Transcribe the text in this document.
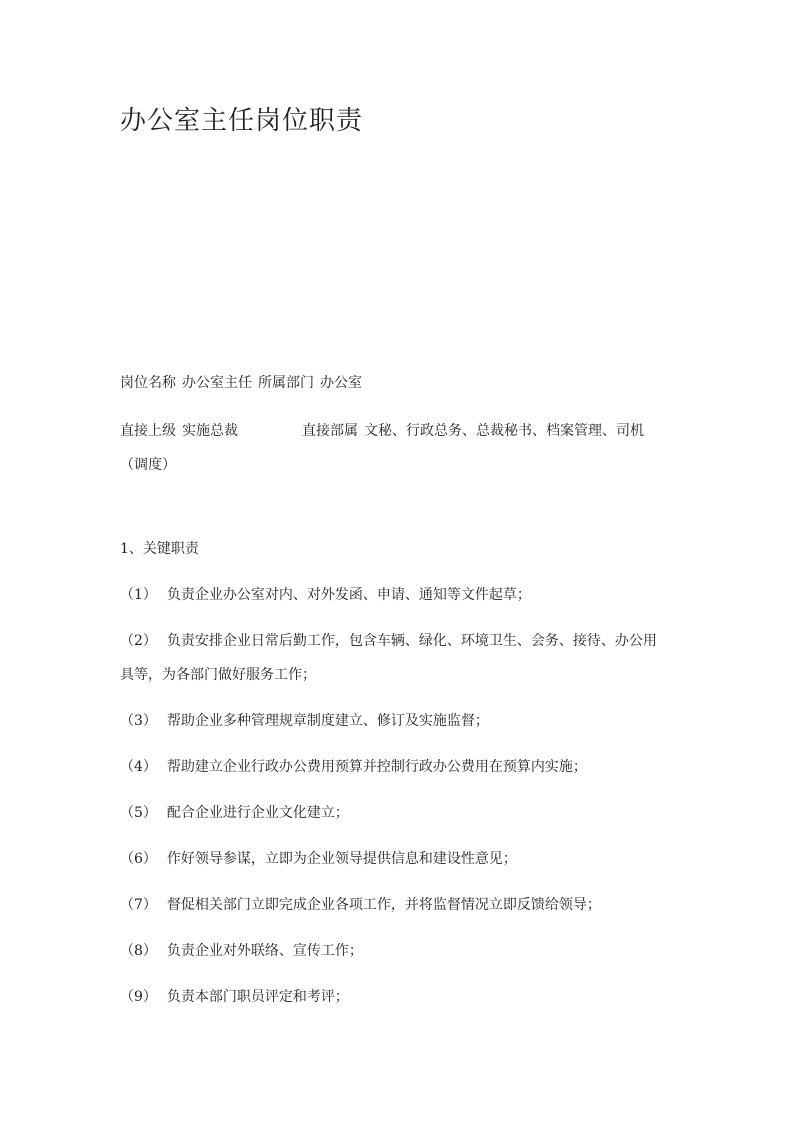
办公室主任岗位职责
岗位名称 办公室主任 所属部门 办公室
直接上级 实施总裁	直接部属 文秘、行政总务、总裁秘书、档案管理、司机
（调度）
1、关键职责
（1） 负责企业办公室对内、对外发函、申请、通知等文件起草；
（2） 负责安排企业日常后勤工作，包含车辆、绿化、环境卫生、会务、接待、办公用
具等，为各部门做好服务工作；
（3） 帮助企业多种管理规章制度建立、修订及实施监督；
（4） 帮助建立企业行政办公费用预算并控制行政办公费用在预算内实施；
（5） 配合企业进行企业文化建立；
（6） 作好领导参谋，立即为企业领导提供信息和建设性意见；
（7） 督促相关部门立即完成企业各项工作，并将监督情况立即反馈给领导；
（8） 负责企业对外联络、宣传工作；
（9） 负责本部门职员评定和考评；
